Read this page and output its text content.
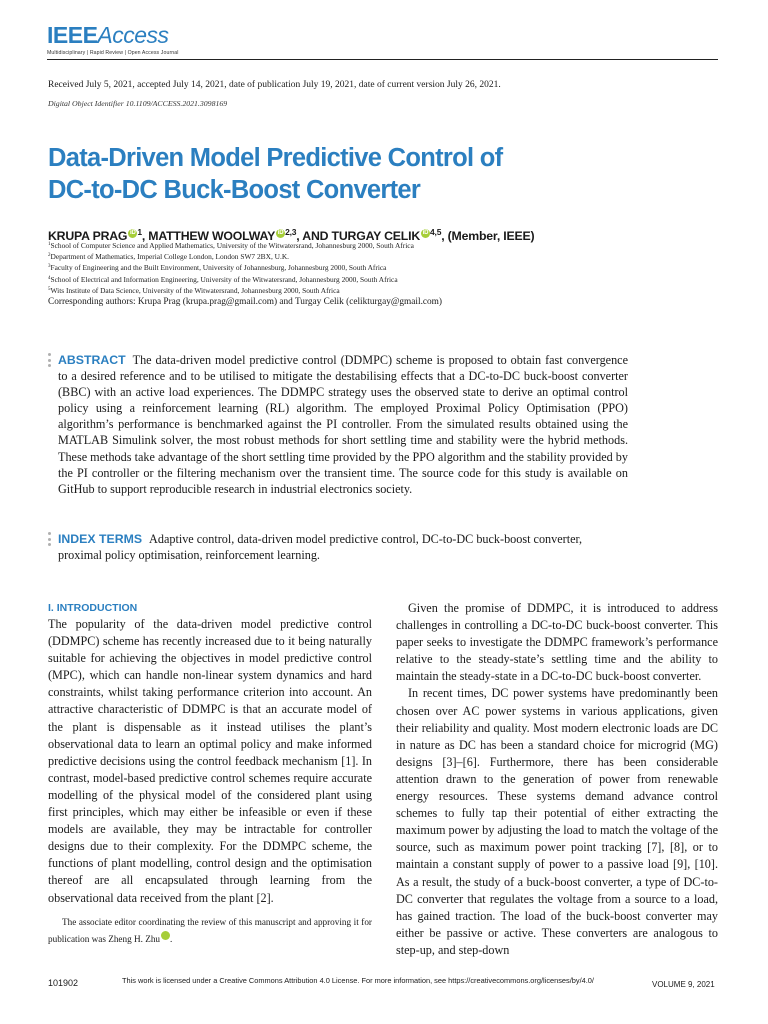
IEEEAccess
Multidisciplinary | Rapid Review | Open Access Journal
Received July 5, 2021, accepted July 14, 2021, date of publication July 19, 2021, date of current version July 26, 2021.
Digital Object Identifier 10.1109/ACCESS.2021.3098169
Data-Driven Model Predictive Control of
DC-to-DC Buck-Boost Converter
KRUPA PRAG iD $^1$, MATTHEW WOOLWAY iD $^{2,3}$, AND TURGAY CELIK iD $^{4,5}$, (Member, IEEE)
$^1$School of Computer Science and Applied Mathematics, University of the Witwatersrand, Johannesburg 2000, South Africa
$^2$Department of Mathematics, Imperial College London, London SW7 2BX, U.K.
$^3$Faculty of Engineering and the Built Environment, University of Johannesburg, Johannesburg 2000, South Africa
$^4$School of Electrical and Information Engineering, University of the Witwatersrand, Johannesburg 2000, South Africa
$^5$Wits Institute of Data Science, University of the Witwatersrand, Johannesburg 2000, South Africa
Corresponding authors: Krupa Prag (krupa.prag@gmail.com) and Turgay Celik (celikturgay@gmail.com)
ABSTRACT The data-driven model predictive control (DDMPC) scheme is proposed to obtain fast convergence to a desired reference and to be utilised to mitigate the destabilising effects that a DC-to-DC buck-boost converter (BBC) with an active load experiences. The DDMPC strategy uses the observed state to derive an optimal control policy using a reinforcement learning (RL) algorithm. The employed Proximal Policy Optimisation (PPO) algorithm’s performance is benchmarked against the PI controller. From the simulated results obtained using the MATLAB Simulink solver, the most robust methods for short settling time and stability were the hybrid methods. These methods take advantage of the short settling time provided by the PPO algorithm and the stability provided by the PI controller or the filtering mechanism over the transient time. The source code for this study is available on GitHub to support reproducible research in industrial electronics society.
INDEX TERMS Adaptive control, data-driven model predictive control, DC-to-DC buck-boost converter, proximal policy optimisation, reinforcement learning.
I. INTRODUCTION

The popularity of the data-driven model predictive control (DDMPC) scheme has recently increased due to it being naturally suitable for achieving the objectives in model predictive control (MPC), which can handle non-linear system dynamics and hard constraints, whilst taking performance criterion into account. An attractive characteristic of DDMPC is that an accurate model of the plant is dispensable as it instead utilises the plant’s observational data to learn an optimal policy and make informed predictive decisions using the control feedback mechanism [1]. In contrast, model-based predictive control schemes require accurate modelling of the physical model of the considered plant using first principles, which may either be infeasible or even if these models are available, they may be intractable for controller designs due to their complexity. For the DDMPC scheme, the functions of plant modelling, control design and the optimisation thereof are all encapsulated through learning from the observational data received from the plant [2].

Given the promise of DDMPC, it is introduced to address challenges in controlling a DC-to-DC buck-boost converter. This paper seeks to investigate the DDMPC framework’s performance relative to the steady-state’s settling time and the ability to maintain the steady-state in a DC-to-DC buck-boost converter.

In recent times, DC power systems have predominantly been chosen over AC power systems in various applications, given their reliability and quality. Most modern electronic loads are DC in nature as DC has been a standard choice for microgrid (MG) designs [3]–[6]. Furthermore, there has been considerable attention drawn to the generation of power from renewable energy resources. These systems demand advance control schemes to fully tap their potential of either extracting the maximum power by adjusting the load to match the voltage of the source, such as maximum power point tracking [7], [8], or to maintain a constant supply of power to a passive load [9], [10]. As a result, the study of a buck-boost converter, a type of DC-to-DC converter that regulates the voltage from a source to a load, has gained traction. The load of the buck-boost converter may either be passive or active. These converters are analogous to step-up, and step-down

The associate editor coordinating the review of this manuscript and approving it for publication was Zheng H. Zhu	iD.
101902	This work is licensed under a Creative Commons Attribution 4.0 License. For more information, see https://creativecommons.org/licenses/by/4.0/	VOLUME 9, 2021
